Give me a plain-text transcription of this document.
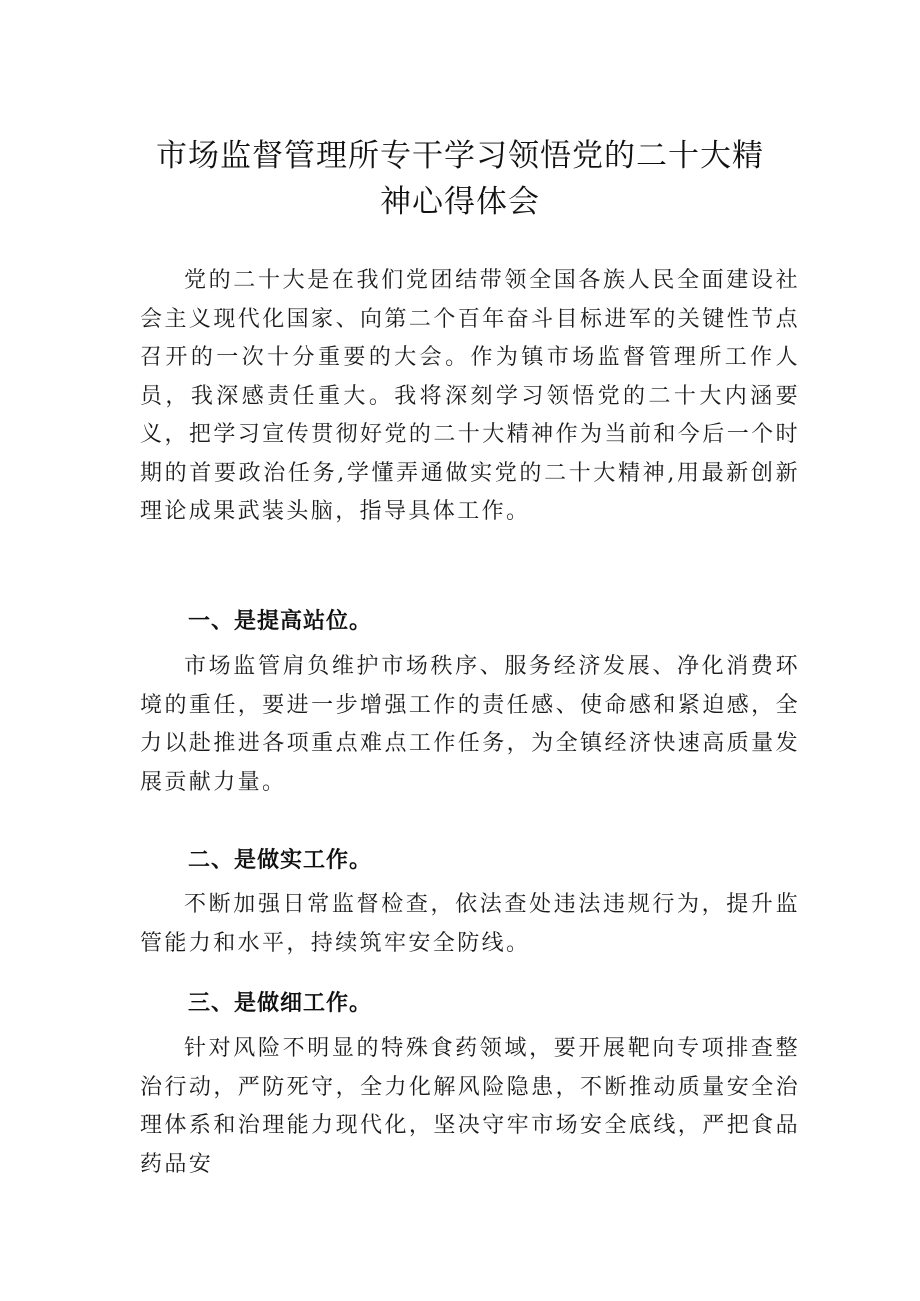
市场监督管理所专干学习领悟党的二十大精
神心得体会

党的二十大是在我们党团结带领全国各族人民全面建设社会主义现代化国家、向第二个百年奋斗目标进军的关键性节点召开的一次十分重要的大会。作为镇市场监督管理所工作人员，我深感责任重大。我将深刻学习领悟党的二十大内涵要义，把学习宣传贯彻好党的二十大精神作为当前和今后一个时期的首要政治任务,学懂弄通做实党的二十大精神,用最新创新理论成果武装头脑，指导具体工作。

一、是提高站位。

市场监管肩负维护市场秩序、服务经济发展、净化消费环境的重任，要进一步增强工作的责任感、使命感和紧迫感，全力以赴推进各项重点难点工作任务，为全镇经济快速高质量发展贡献力量。

二、是做实工作。

不断加强日常监督检查，依法查处违法违规行为，提升监管能力和水平，持续筑牢安全防线。

三、是做细工作。

针对风险不明显的特殊食药领域，要开展靶向专项排查整治行动，严防死守，全力化解风险隐患，不断推动质量安全治理体系和治理能力现代化，坚决守牢市场安全底线，严把食品药品安
